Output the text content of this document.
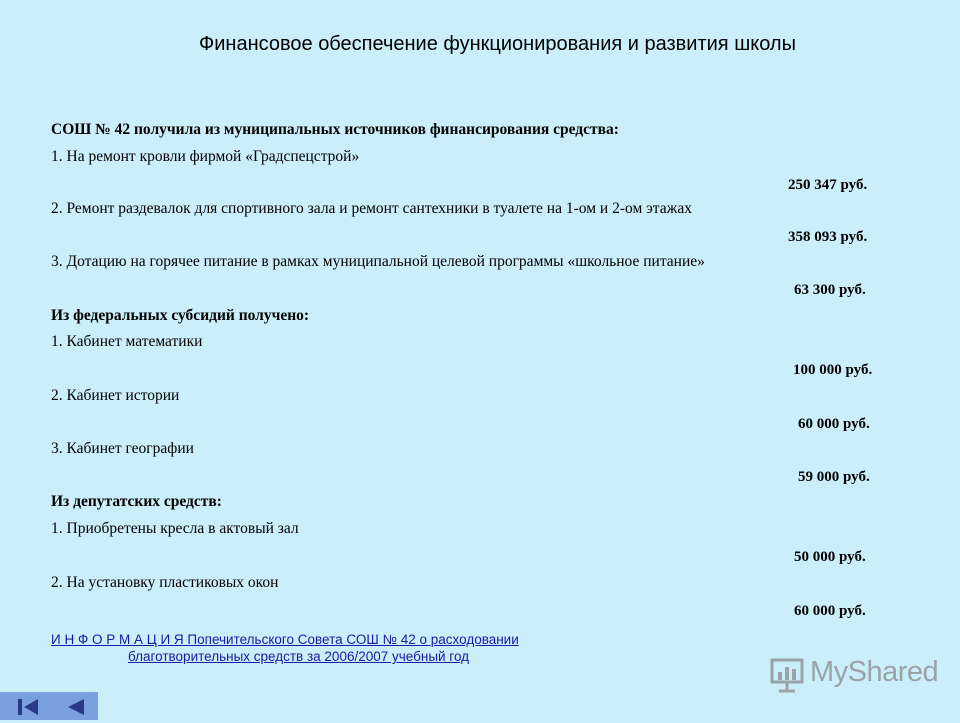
Финансовое обеспечение функционирования и развития школы
СОШ № 42 получила из муниципальных источников финансирования средства:
1. На ремонт кровли фирмой «Градспецстрой»
250 347 руб.
2. Ремонт раздевалок для спортивного зала и ремонт сантехники в туалете на 1-ом и 2-ом этажах
358 093 руб.
3. Дотацию на горячее питание в рамках муниципальной целевой программы «школьное питание»
63 300 руб.
Из федеральных субсидий получено:
1. Кабинет математики
100 000 руб.
2. Кабинет истории
60 000 руб.
3. Кабинет географии
59 000 руб.
Из депутатских средств:
1. Приобретены кресла в актовый зал
50 000 руб.
2. На установку пластиковых окон
60 000 руб.
И Н Ф О Р М А Ц И Я Попечительского Совета СОШ № 42 о расходовании
благотворительных средств за 2006/2007 учебный год	MyShared
